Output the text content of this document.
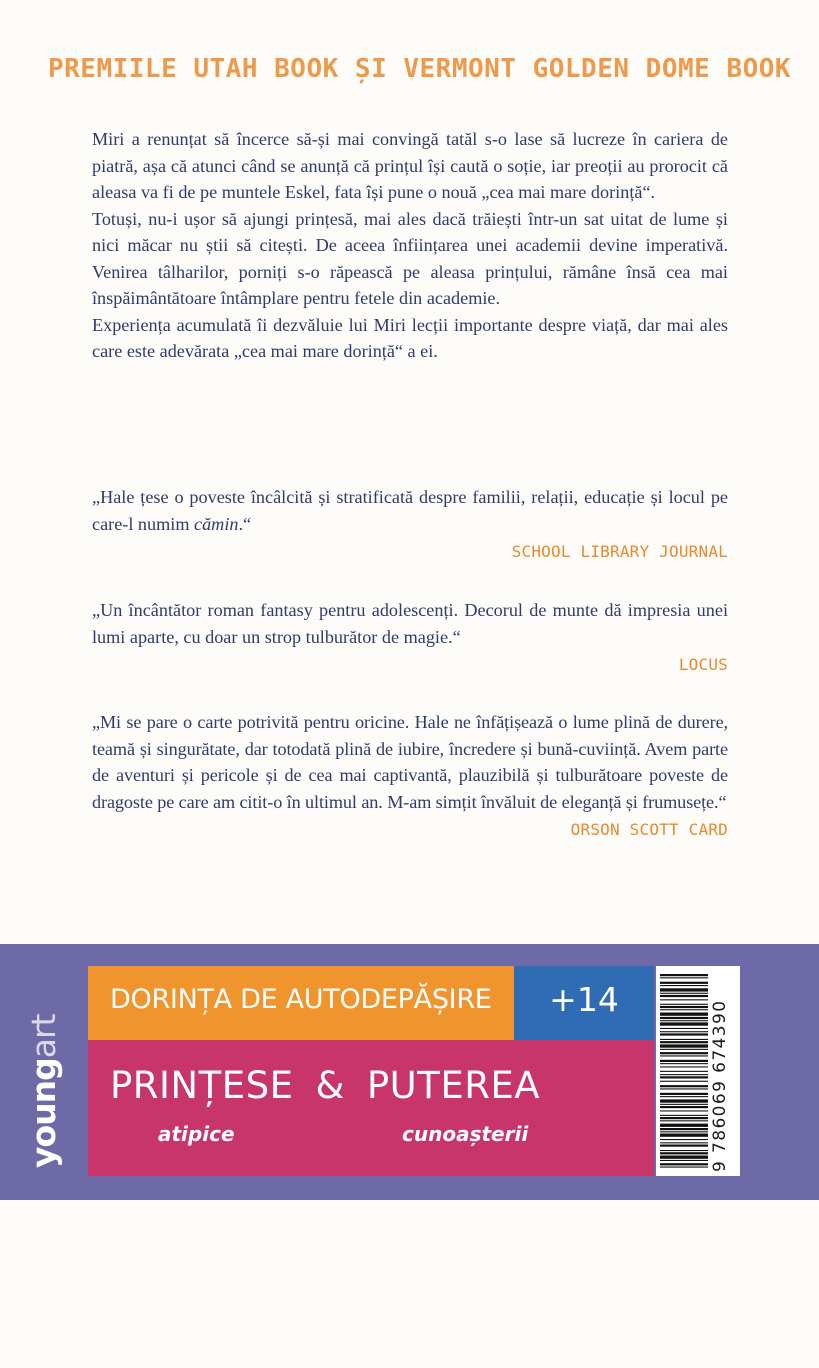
PREMIILE UTAH BOOK ȘI VERMONT GOLDEN DOME BOOK

Miri a renunțat să încerce să-și mai convingă tatăl s-o lase să lucreze în cariera de piatră, așa că atunci când se anunță că prințul își caută o soție, iar preoții au prorocit că aleasa va fi de pe muntele Eskel, fata își pune o nouă „cea mai mare dorință“.

Totuși, nu-i ușor să ajungi prințesă, mai ales dacă trăiești într-un sat uitat de lume și nici măcar nu știi să citești. De aceea înființarea unei academii devine imperativă. Venirea tâlharilor, porniți s-o răpească pe aleasa prințului, rămâne însă cea mai înspăimântătoare întâmplare pentru fetele din academie.

Experiența acumulată îi dezvăluie lui Miri lecții importante despre viață, dar mai ales care este adevărata „cea mai mare dorință“ a ei.

„Hale țese o poveste încâlcită și stratificată despre familii, relații, educație și locul pe care-l numim cămin.“

SCHOOL LIBRARY JOURNAL

„Un încântător roman fantasy pentru adolescenți. Decorul de munte dă impresia unei lumi aparte, cu doar un strop tulburător de magie.“

LOCUS

„Mi se pare o carte potrivită pentru oricine. Hale ne înfățișează o lume plină de durere, teamă și singurătate, dar totodată plină de iubire, încredere și bună-cuviință. Avem parte de aventuri și pericole și de cea mai captivantă, plauzibilă și tulburătoare poveste de dragoste pe care am citit-o în ultimul an. M-am simțit învăluit de eleganță și frumusețe.“

ORSON SCOTT CARD
youngart
DORINȚA DE AUTODEPĂȘIRE	+14
PRINȚESE & PUTEREA
atipice	cunoașterii	9 786069 674390
